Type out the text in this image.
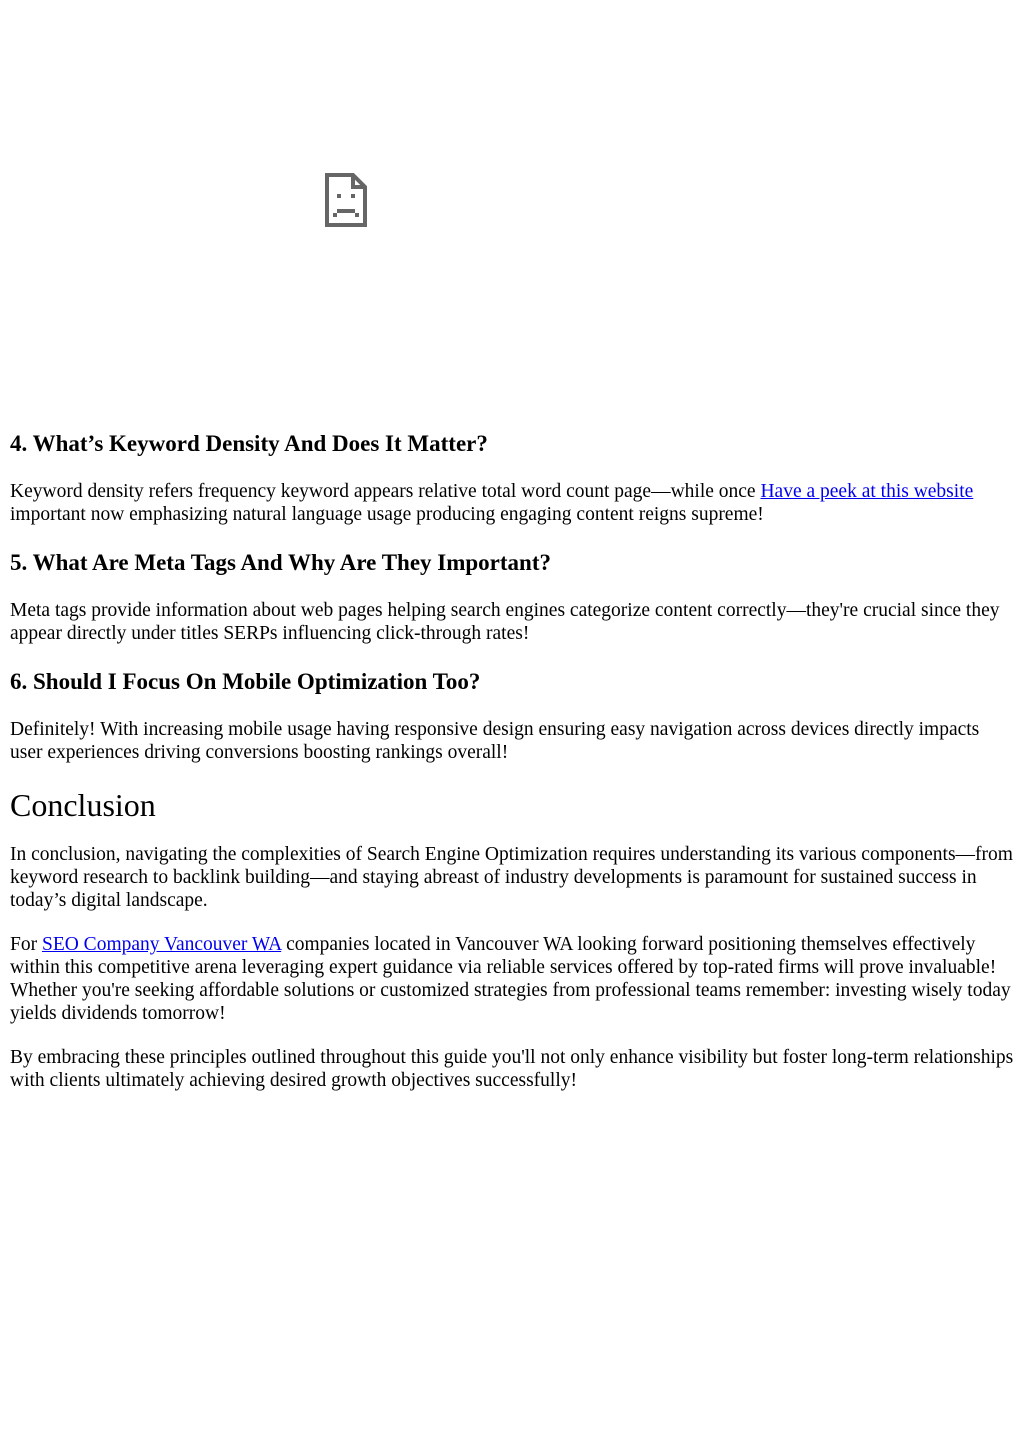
4. What’s Keyword Density And Does It Matter?

Keyword density refers frequency keyword appears relative total word count page—while once Have a peek at this website important now emphasizing natural language usage producing engaging content reigns supreme!

5. What Are Meta Tags And Why Are They Important?

Meta tags provide information about web pages helping search engines categorize content correctly—they're crucial since they appear directly under titles SERPs influencing click-through rates!

6. Should I Focus On Mobile Optimization Too?

Definitely! With increasing mobile usage having responsive design ensuring easy navigation across devices directly impacts user experiences driving conversions boosting rankings overall!

Conclusion

In conclusion, navigating the complexities of Search Engine Optimization requires understanding its various components—from keyword research to backlink building—and staying abreast of industry developments is paramount for sustained success in today’s digital landscape.

For SEO Company Vancouver WA companies located in Vancouver WA looking forward positioning themselves effectively within this competitive arena leveraging expert guidance via reliable services offered by top-rated firms will prove invaluable! Whether you're seeking affordable solutions or customized strategies from professional teams remember: investing wisely today yields dividends tomorrow!

By embracing these principles outlined throughout this guide you'll not only enhance visibility but foster long-term relationships with clients ultimately achieving desired growth objectives successfully!
